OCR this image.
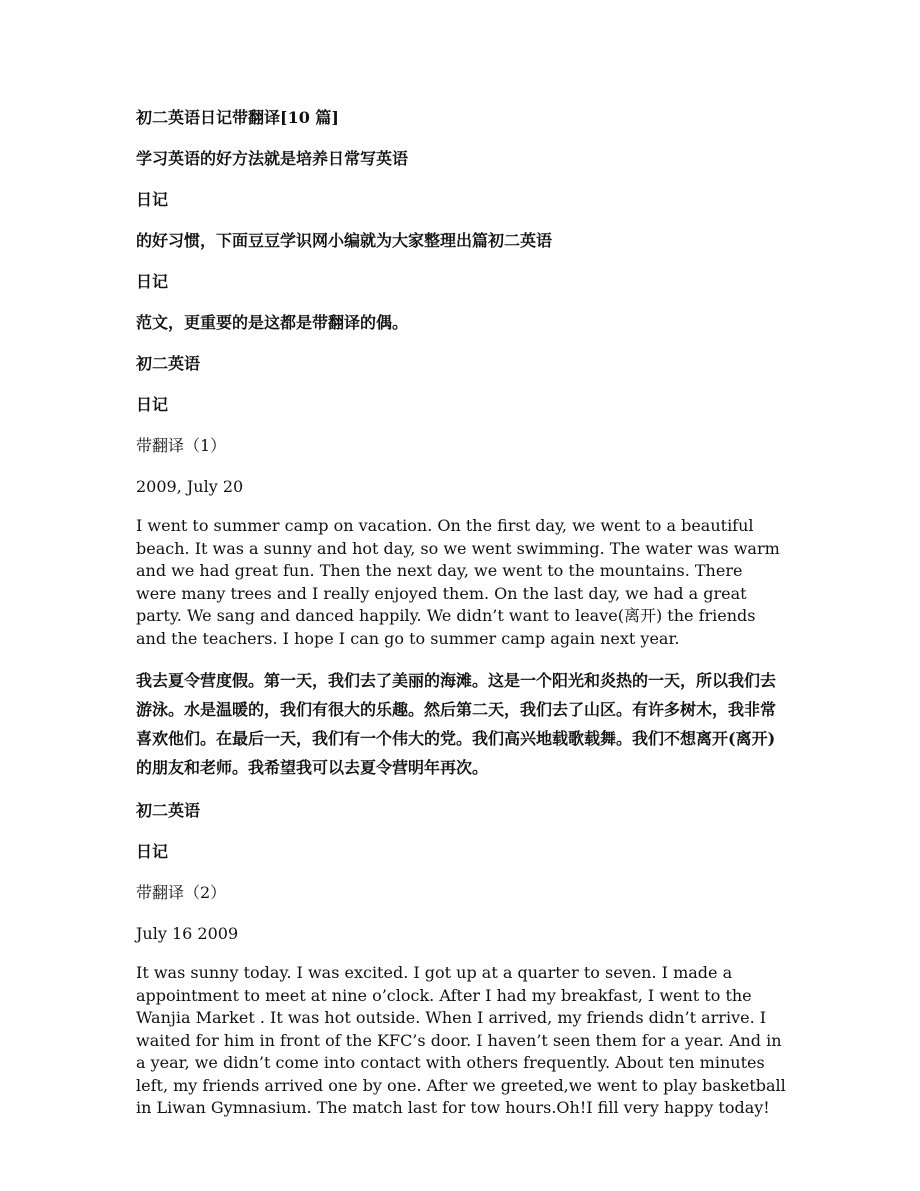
初二英语日记带翻译[10 篇]

学习英语的好方法就是培养日常写英语

日记

的好习惯，下面豆豆学识网小编就为大家整理出篇初二英语

日记

范文，更重要的是这都是带翻译的偶。

初二英语

日记

带翻译（1）

2009, July 20

I went to summer camp on vacation. On the first day, we went to a beautiful beach. It was a sunny and hot day, so we went swimming. The water was warm and we had great fun. Then the next day, we went to the mountains. There were many trees and I really enjoyed them. On the last day, we had a great party. We sang and danced happily. We didn’t want to leave(离开) the friends and the teachers. I hope I can go to summer camp again next year.

我去夏令营度假。第一天，我们去了美丽的海滩。这是一个阳光和炎热的一天，所以我们去游泳。水是温暖的，我们有很大的乐趣。然后第二天，我们去了山区。有许多树木，我非常喜欢他们。在最后一天，我们有一个伟大的党。我们高兴地载歌载舞。我们不想离开(离开)的朋友和老师。我希望我可以去夏令营明年再次。

初二英语

日记

带翻译（2）

July 16 2009

It was sunny today. I was excited. I got up at a quarter to seven. I made a appointment to meet at nine o’clock. After I had my breakfast, I went to the Wanjia Market . It was hot outside. When I arrived, my friends didn’t arrive. I waited for him in front of the KFC’s door. I haven’t seen them for a year. And in a year, we didn’t come into contact with others frequently. About ten minutes left, my friends arrived one by one. After we greeted,we went to play basketball in Liwan Gymnasium. The match last for tow hours.Oh!I fill very happy today!
